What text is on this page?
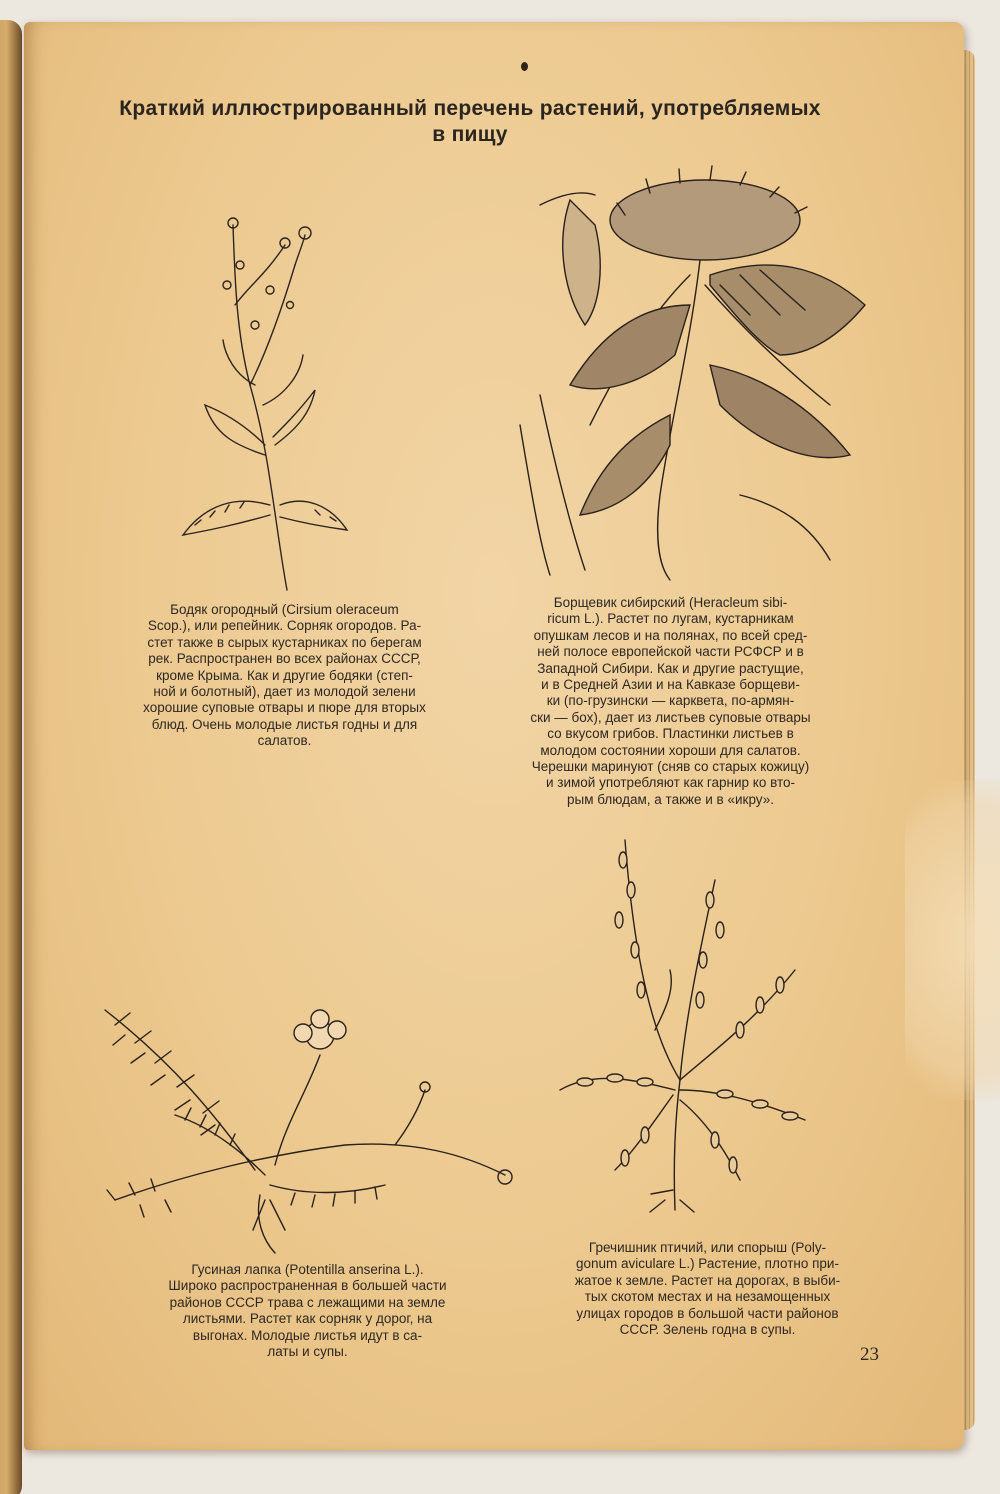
Краткий иллюстрированный перечень растений, употребляемых
в пищу

Бодяк огородный (Cirsium oleraceum

Scop.), или репейник. Сорняк огородов. Ра-

стет также в сырых кустарниках по берегам

рек. Распространен во всех районах СССР,

кроме Крыма. Как и другие бодяки (степ-

ной и болотный), дает из молодой зелени

хорошие суповые отвары и пюре для вторых

блюд. Очень молодые листья годны и для

салатов.

Борщевик сибирский (Heracleum sibi-

ricum L.). Растет по лугам, кустарникам

опушкам лесов и на полянах, по всей сред-

ней полосе европейской части РСФСР и в

Западной Сибири. Как и другие растущие,

и в Средней Азии и на Кавказе борщеви-

ки (по-грузински — карквета, по-армян-

ски — бох), дает из листьев суповые отвары

со вкусом грибов. Пластинки листьев в

молодом состоянии хороши для салатов.

Черешки маринуют (сняв со старых кожицу)

и зимой употребляют как гарнир ко вто-

рым блюдам, а также и в «икру».

Гусиная лапка (Potentilla anserina L.).

Широко распространенная в большей части

районов СССР трава с лежащими на земле

листьями. Растет как сорняк у дорог, на

выгонах. Молодые листья идут в са-

латы и супы.

Гречишник птичий, или спорыш (Poly-

gonum aviculare L.) Растение, плотно при-

жатое к земле. Растет на дорогах, в выби-

тых скотом местах и на незамощенных

улицах городов в большой части районов

СССР. Зелень годна в супы.

23
